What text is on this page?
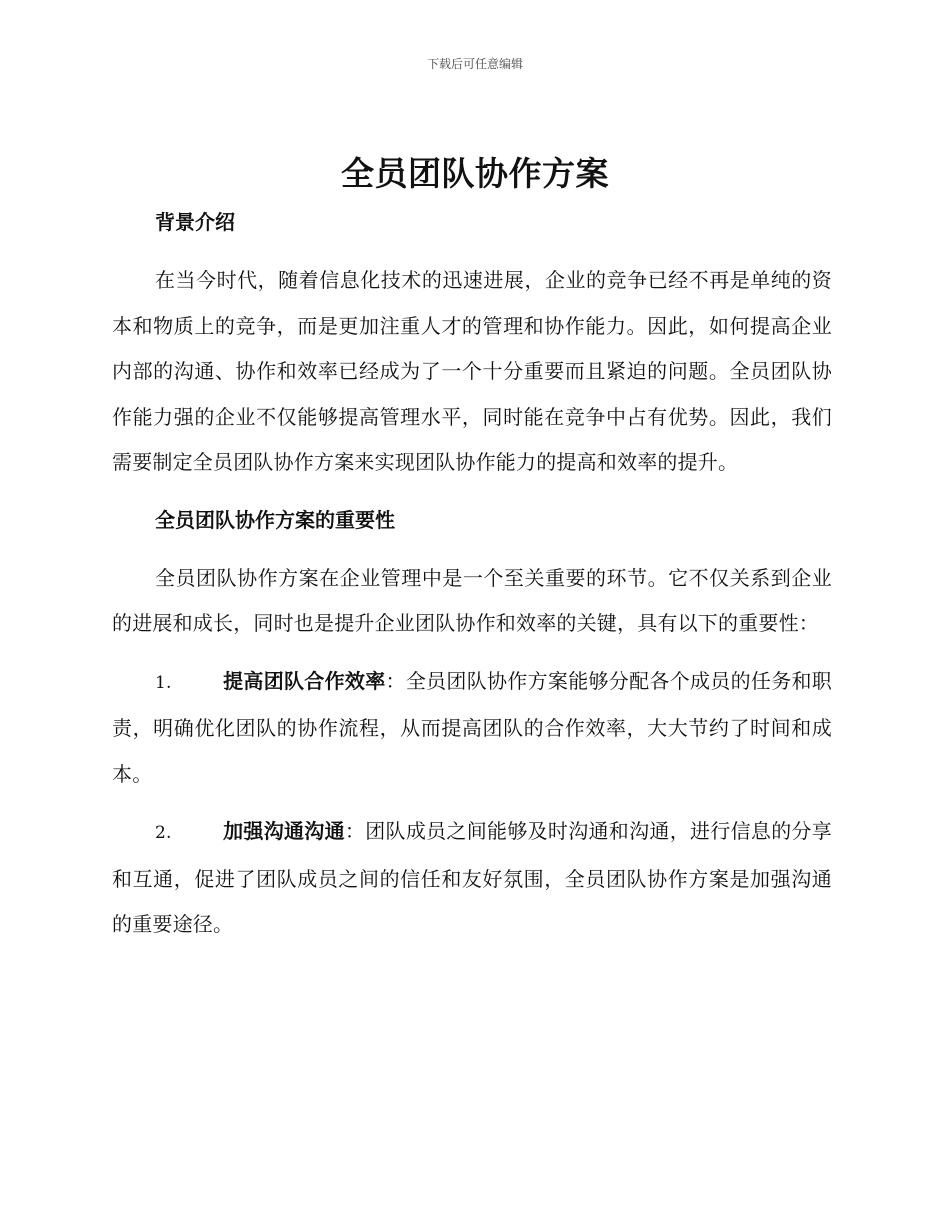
下载后可任意编辑
全员团队协作方案
背景介绍

在当今时代，随着信息化技术的迅速进展，企业的竞争已经不再是单纯的资本和物质上的竞争，而是更加注重人才的管理和协作能力。因此，如何提高企业内部的沟通、协作和效率已经成为了一个十分重要而且紧迫的问题。全员团队协作能力强的企业不仅能够提高管理水平，同时能在竞争中占有优势。因此，我们需要制定全员团队协作方案来实现团队协作能力的提高和效率的提升。

全员团队协作方案的重要性

全员团队协作方案在企业管理中是一个至关重要的环节。它不仅关系到企业的进展和成长，同时也是提升企业团队协作和效率的关键，具有以下的重要性：

1.	提高团队合作效率：全员团队协作方案能够分配各个成员的任务和职责，明确优化团队的协作流程，从而提高团队的合作效率，大大节约了时间和成本。

2.	加强沟通沟通：团队成员之间能够及时沟通和沟通，进行信息的分享和互通，促进了团队成员之间的信任和友好氛围，全员团队协作方案是加强沟通的重要途径。
